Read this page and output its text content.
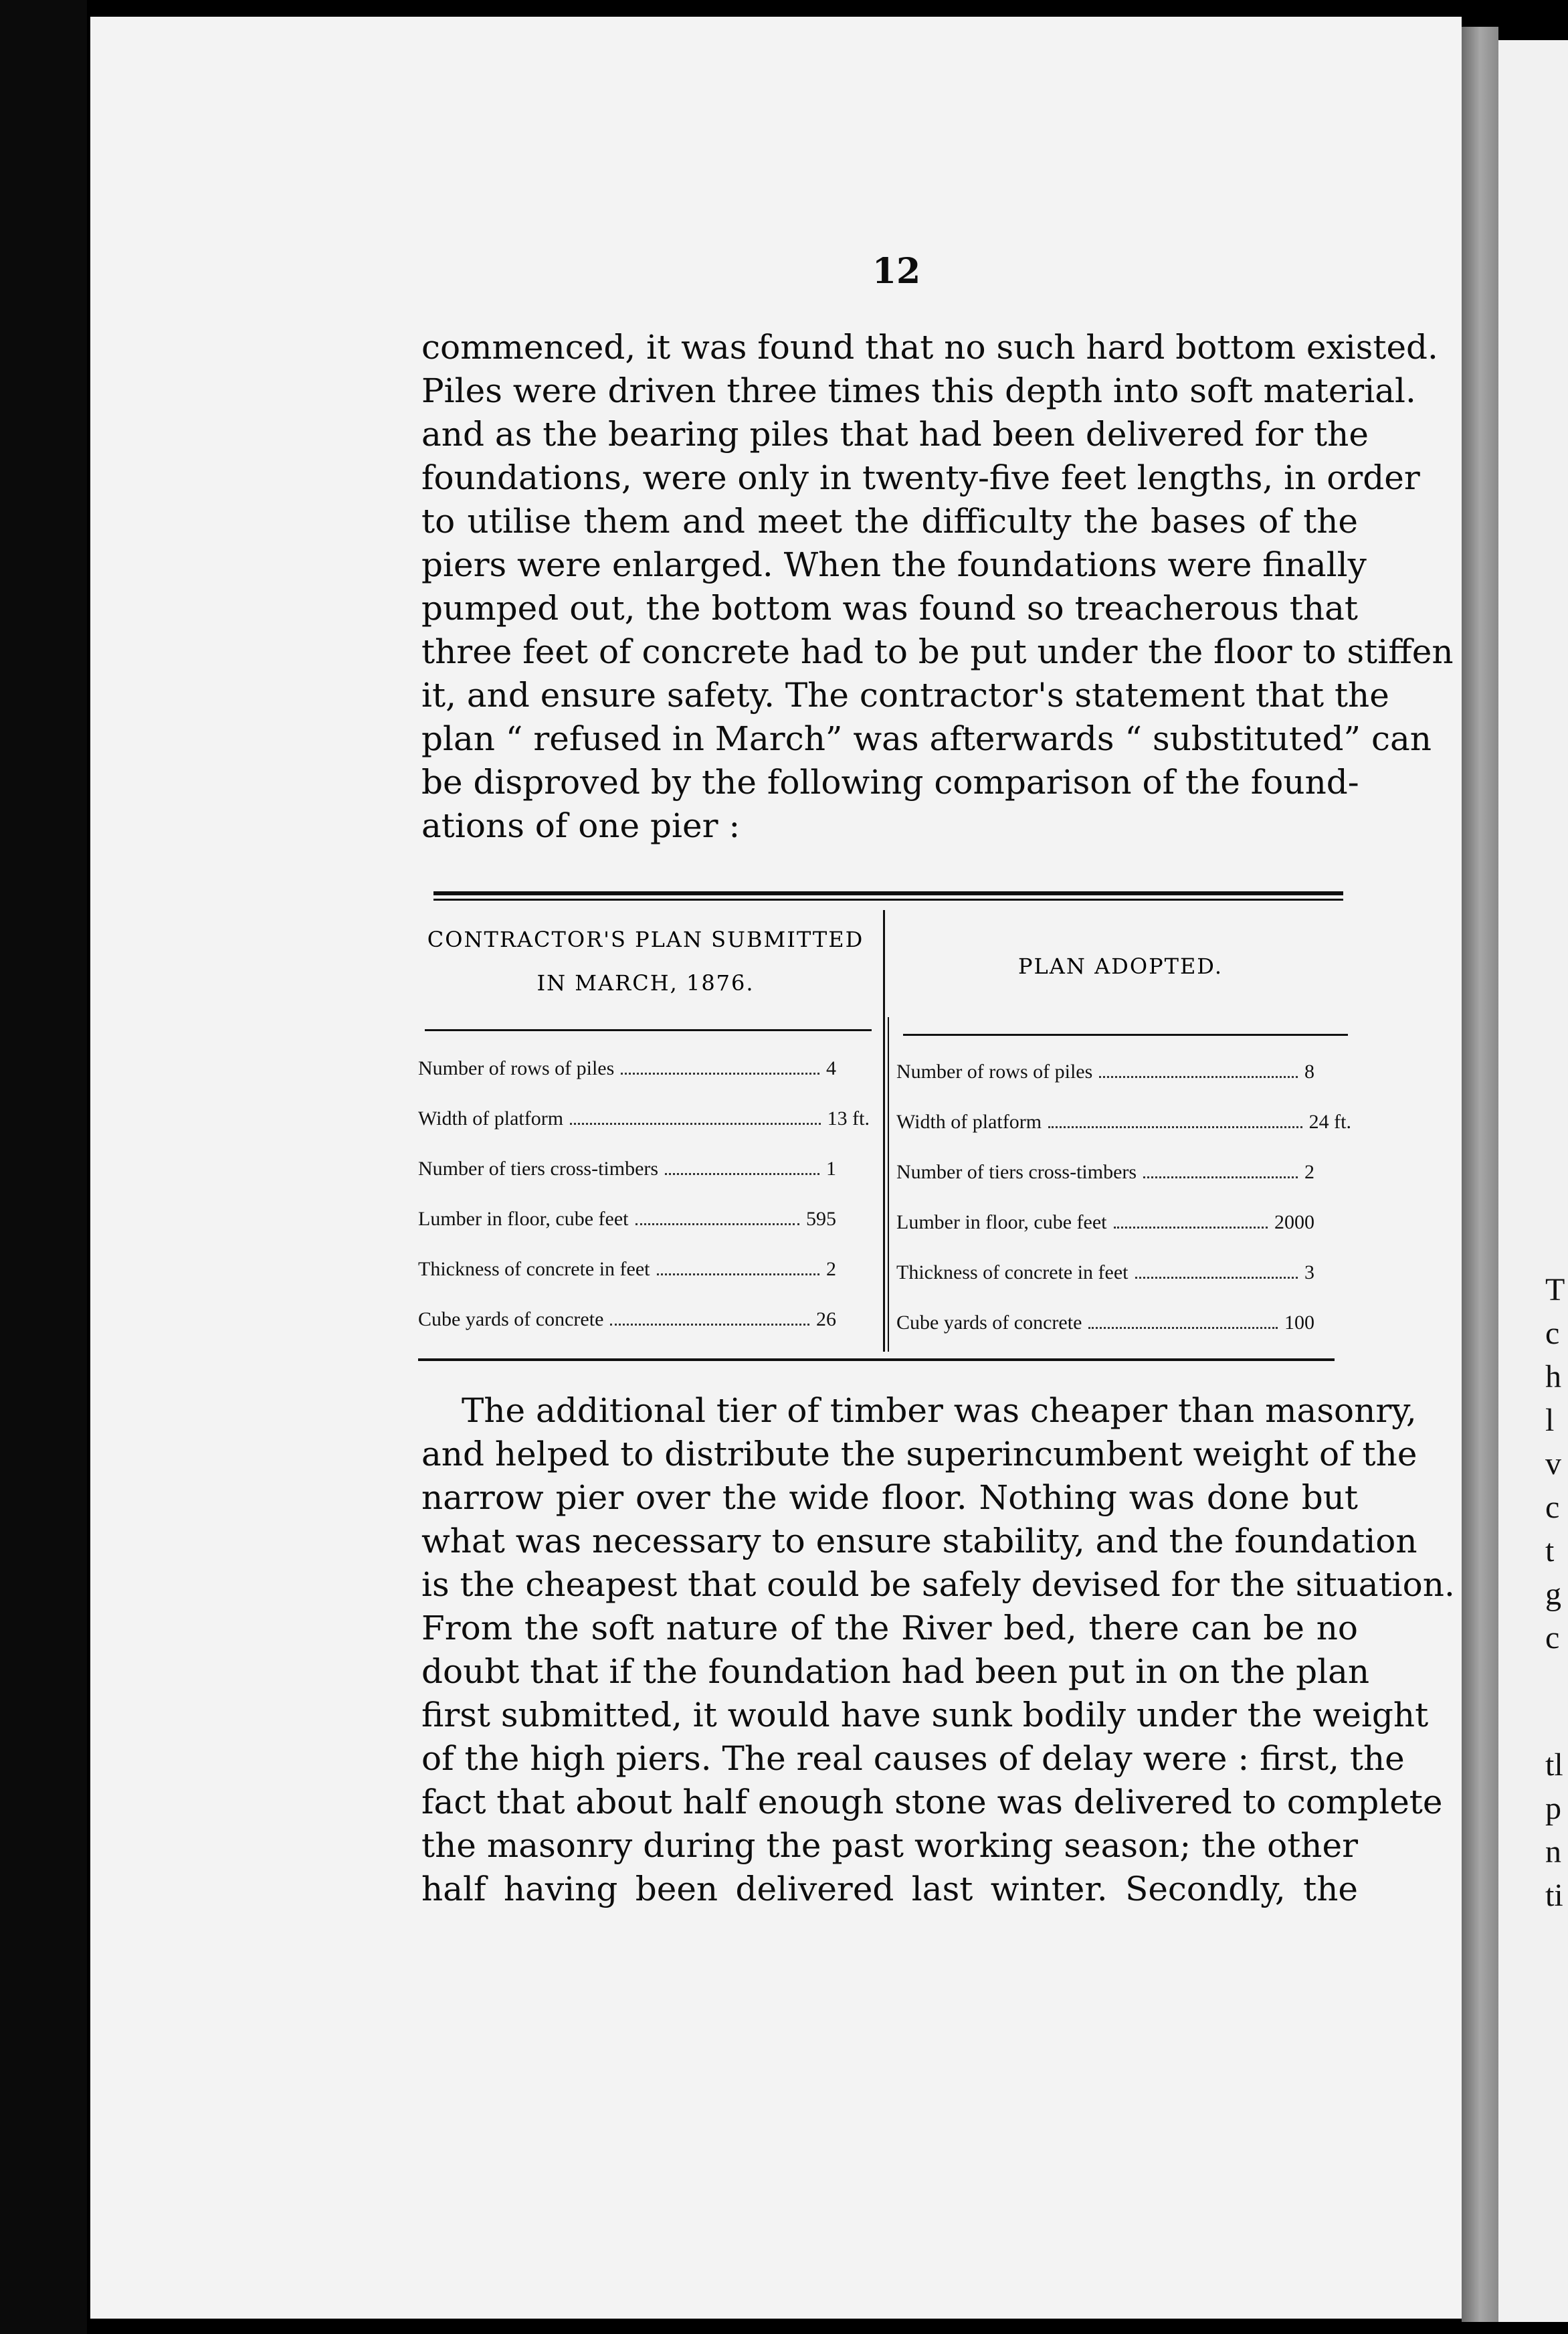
T
c
h
l
v
c
t
g
c
tl
p
n
ti
12
commenced, it was found that no such hard bottom existed.
Piles were driven three times this depth into soft material.
and as the bearing piles that had been delivered for the
foundations, were only in twenty-five feet lengths, in order
to utilise them and meet the difficulty the bases of the
piers were enlarged. When the foundations were finally
pumped out, the bottom was found so treacherous that
three feet of concrete had to be put under the floor to stiffen
it, and ensure safety. The contractor's statement that the
plan “ refused in March” was afterwards “ substituted” can
be disproved by the following comparison of the found-
ations of one pier :
CONTRACTOR'S PLAN SUBMITTED
IN MARCH, 1876.
PLAN ADOPTED.
Number of rows of piles	4
Width of platform	13 ft.
Number of tiers cross-timbers	1
Lumber in floor, cube feet	595
Thickness of concrete in feet	2
Cube yards of concrete	26
Number of rows of piles	8
Width of platform	24 ft.
Number of tiers cross-timbers	2
Lumber in floor, cube feet	2000
Thickness of concrete in feet	3
Cube yards of concrete	100
The additional tier of timber was cheaper than masonry,
and helped to distribute the superincumbent weight of the
narrow pier over the wide floor. Nothing was done but
what was necessary to ensure stability, and the foundation
is the cheapest that could be safely devised for the situation.
From the soft nature of the River bed, there can be no
doubt that if the foundation had been put in on the plan
first submitted, it would have sunk bodily under the weight
of the high piers. The real causes of delay were : first, the
fact that about half enough stone was delivered to complete
the masonry during the past working season; the other
half having been delivered last winter. Secondly, the
